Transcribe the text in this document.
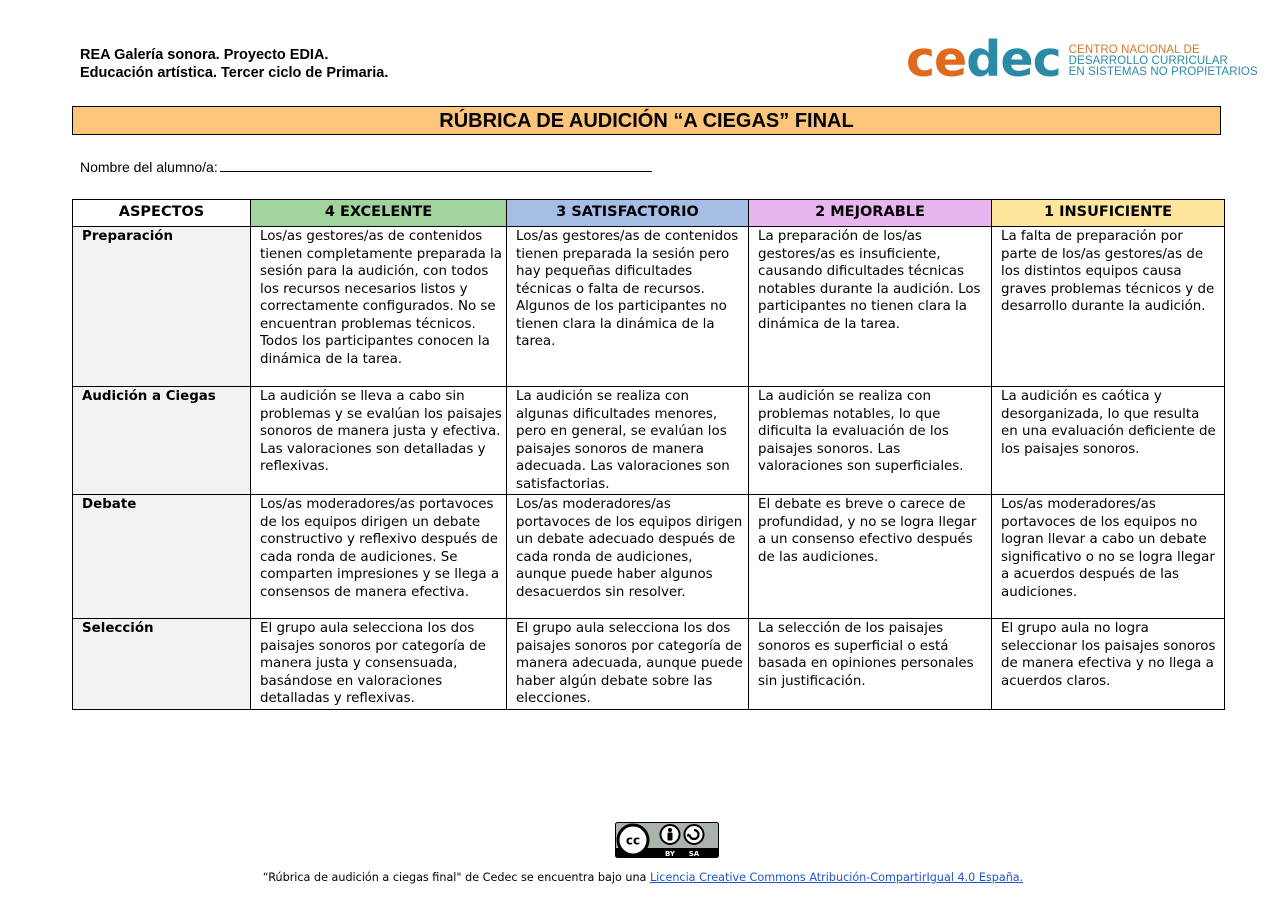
REA Galería sonora. Proyecto EDIA.
Educación artística. Tercer ciclo de Primaria.	ce dec CENTRO NACIONAL DE
DESARROLLO CURRICULAR
EN SISTEMAS NO PROPIETARIOS
RÚBRICA DE AUDICIÓN “A CIEGAS” FINAL
Nombre del alumno/a:
ASPECTOS	4 EXCELENTE	3 SATISFACTORIO	2 MEJORABLE	1 INSUFICIENTE
Preparación	Los/as gestores/as de contenidos tienen completamente preparada la sesión para la audición, con todos los recursos necesarios listos y correctamente configurados. No se encuentran problemas técnicos. Todos los participantes conocen la dinámica de la tarea.	Los/as gestores/as de contenidos tienen preparada la sesión pero hay pequeñas dificultades técnicas o falta de recursos. Algunos de los participantes no tienen clara la dinámica de la tarea.	La preparación de los/as gestores/as es insuficiente, causando dificultades técnicas notables durante la audición. Los participantes no tienen clara la dinámica de la tarea.	La falta de preparación por parte de los/as gestores/as de los distintos equipos causa graves problemas técnicos y de desarrollo durante la audición.
Audición a Ciegas	La audición se lleva a cabo sin problemas y se evalúan los paisajes sonoros de manera justa y efectiva. Las valoraciones son detalladas y reflexivas.	La audición se realiza con algunas dificultades menores, pero en general, se evalúan los paisajes sonoros de manera adecuada. Las valoraciones son satisfactorias.	La audición se realiza con problemas notables, lo que dificulta la evaluación de los paisajes sonoros. Las valoraciones son superficiales.	La audición es caótica y desorganizada, lo que resulta en una evaluación deficiente de los paisajes sonoros.
Debate	Los/as moderadores/as portavoces de los equipos dirigen un debate constructivo y reflexivo después de cada ronda de audiciones. Se comparten impresiones y se llega a consensos de manera efectiva.	Los/as moderadores/as portavoces de los equipos dirigen un debate adecuado después de cada ronda de audiciones, aunque puede haber algunos desacuerdos sin resolver.	El debate es breve o carece de profundidad, y no se logra llegar a un consenso efectivo después de las audiciones.	Los/as moderadores/as portavoces de los equipos no logran llevar a cabo un debate significativo o no se logra llegar a acuerdos después de las audiciones.
Selección	El grupo aula selecciona los dos paisajes sonoros por categoría de manera justa y consensuada, basándose en valoraciones detalladas y reflexivas.	El grupo aula selecciona los dos paisajes sonoros por categoría de manera adecuada, aunque puede haber algún debate sobre las elecciones.	La selección de los paisajes sonoros es superficial o está basada en opiniones personales sin justificación.	El grupo aula no logra seleccionar los paisajes sonoros de manera efectiva y no llega a acuerdos claros.
cc
BY SA
“Rúbrica de audición a ciegas final" de Cedec se encuentra bajo una Licencia Creative Commons Atribución-CompartirIgual 4.0 España.
